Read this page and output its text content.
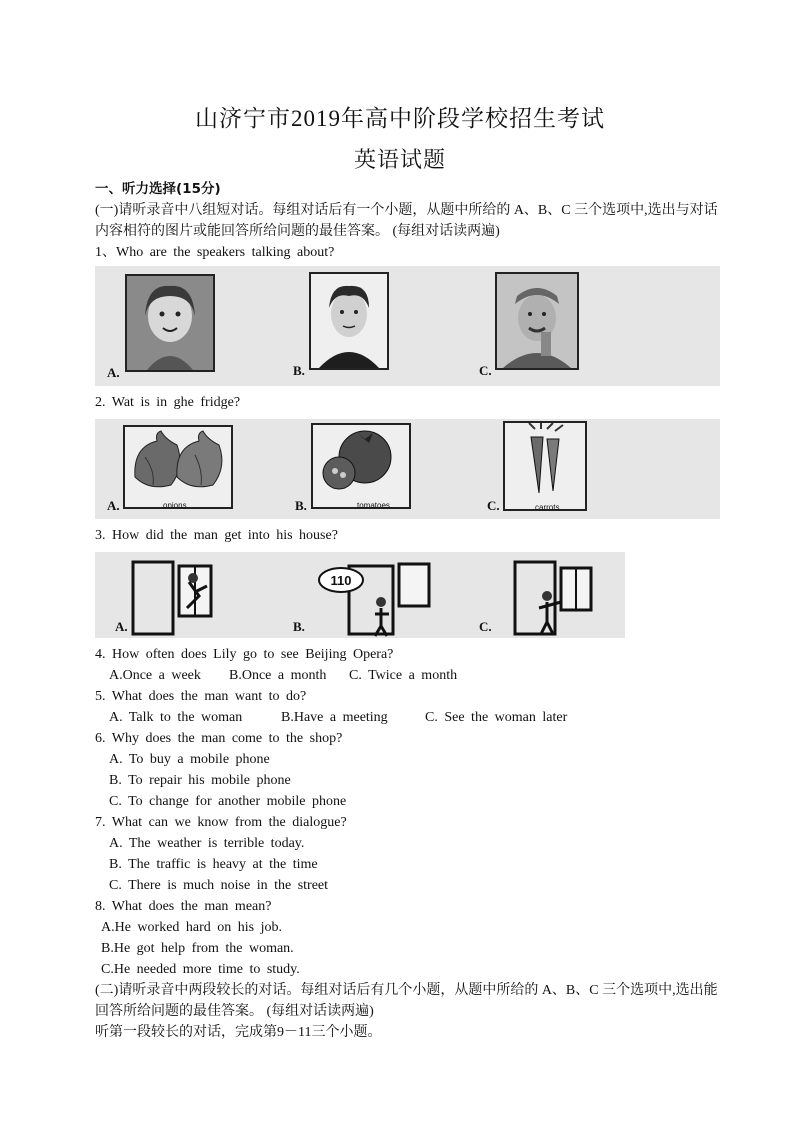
山济宁市2019年高中阶段学校招生考试
英语试题

一、听力选择(15分)

(一)请听录音中八组短对话。每组对话后有一个小题，从题中所给的 A、B、C 三个选项中,选出与对话内容相符的图片或能回答所给问题的最佳答案。 (每组对话读两遍)

1、Who are the speakers talking about?

A.	B.	C.

2. Wat is in ghe fridge?

onions	tomatoes	carrots
A.	B.	C.

3. How did the man get into his house?

110
A.	B.	C.

4. How often does Lily go to see Beijing Opera?

A.Once a week	B.Once a month	C. Twice a month

5. What does the man want to do?

A. Talk to the woman	B.Have a meeting	C. See the woman later

6. Why does the man come to the shop?

A. To buy a mobile phone

B. To repair his mobile phone

C. To change for another mobile phone

7. What can we know from the dialogue?

A. The weather is terrible today.

B. The traffic is heavy at the time

C. There is much noise in the street

8. What does the man mean?

A.He worked hard on his job.

B.He got help from the woman.

C.He needed more time to study.

(二)请听录音中两段较长的对话。每组对话后有几个小题，从题中所给的 A、B、C 三个选项中,选出能回答所给问题的最佳答案。 (每组对话读两遍)

听第一段较长的对话，完成第9－11三个小题。
